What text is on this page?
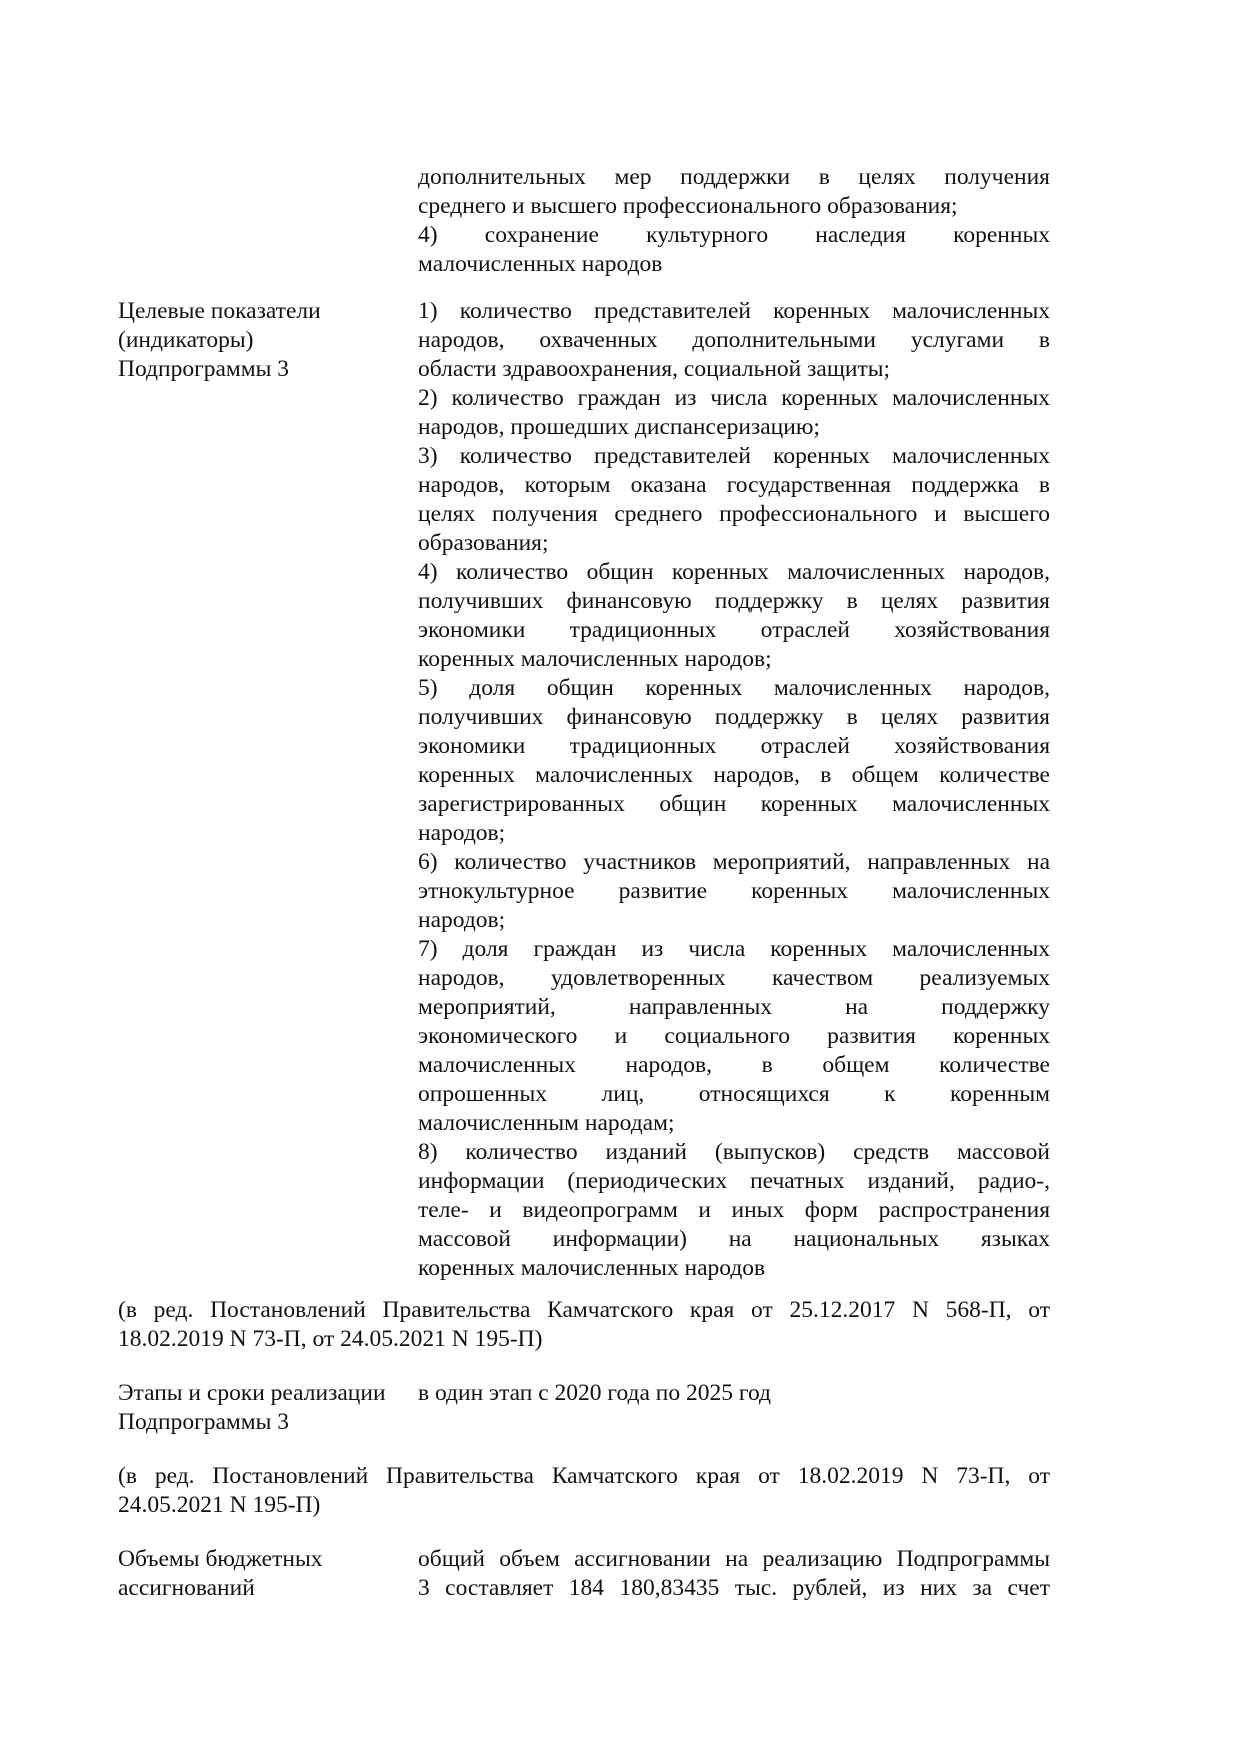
дополнительных мер поддержки в целях получения
среднего и высшего профессионального образования;
4) сохранение культурного наследия коренных
малочисленных народов
Целевые показатели
(индикаторы)
Подпрограммы 3
1) количество представителей коренных малочисленных
народов, охваченных дополнительными услугами в
области здравоохранения, социальной защиты;
2) количество граждан из числа коренных малочисленных
народов, прошедших диспансеризацию;
3) количество представителей коренных малочисленных
народов, которым оказана государственная поддержка в
целях получения среднего профессионального и высшего
образования;
4) количество общин коренных малочисленных народов,
получивших финансовую поддержку в целях развития
экономики традиционных отраслей хозяйствования
коренных малочисленных народов;
5) доля общин коренных малочисленных народов,
получивших финансовую поддержку в целях развития
экономики традиционных отраслей хозяйствования
коренных малочисленных народов, в общем количестве
зарегистрированных общин коренных малочисленных
народов;
6) количество участников мероприятий, направленных на
этнокультурное развитие коренных малочисленных
народов;
7) доля граждан из числа коренных малочисленных
народов, удовлетворенных качеством реализуемых
мероприятий, направленных на поддержку
экономического и социального развития коренных
малочисленных народов, в общем количестве
опрошенных лиц, относящихся к коренным
малочисленным народам;
8) количество изданий (выпусков) средств массовой
информации (периодических печатных изданий, радио-,
теле- и видеопрограмм и иных форм распространения
массовой информации) на национальных языках
коренных малочисленных народов
(в ред. Постановлений Правительства Камчатского края от 25.12.2017 N 568-П, от
18.02.2019 N 73-П, от 24.05.2021 N 195-П)
Этапы и сроки реализации
Подпрограммы 3
в один этап с 2020 года по 2025 год
(в ред. Постановлений Правительства Камчатского края от 18.02.2019 N 73-П, от
24.05.2021 N 195-П)
Объемы бюджетных
ассигнований
общий объем ассигновании на реализацию Подпрограммы
3 составляет 184 180,83435 тыс. рублей, из них за счет
